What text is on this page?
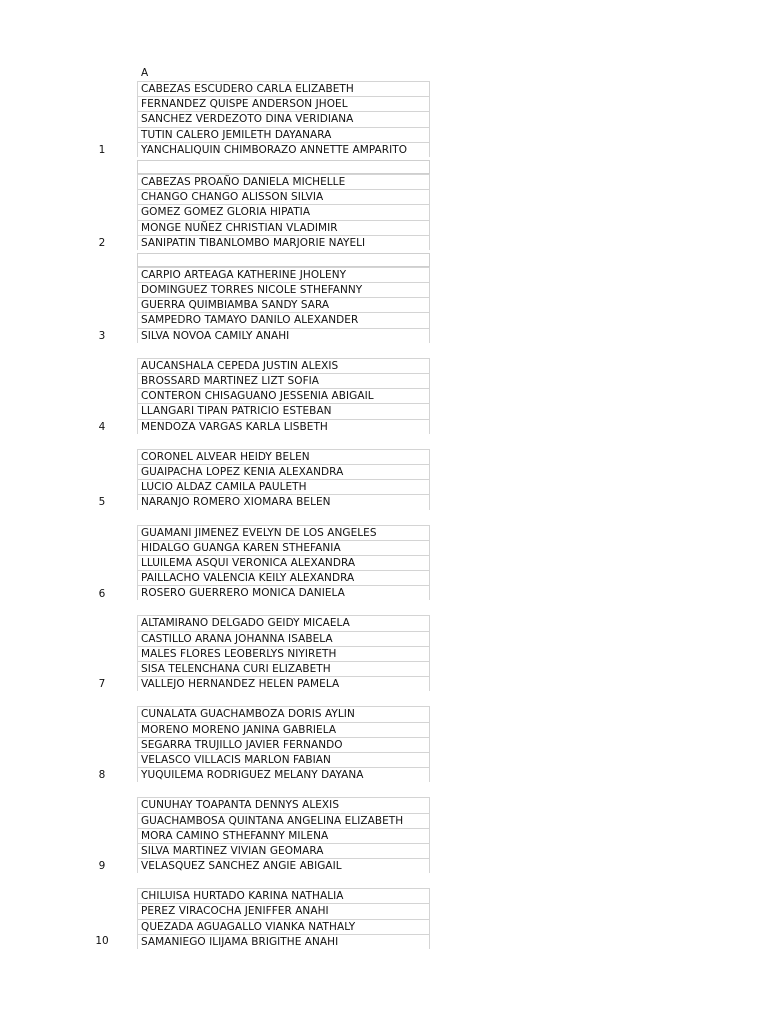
A
CABEZAS ESCUDERO CARLA ELIZABETH
FERNANDEZ QUISPE ANDERSON JHOEL
SANCHEZ VERDEZOTO DINA VERIDIANA
TUTIN CALERO JEMILETH DAYANARA
YANCHALIQUIN CHIMBORAZO ANNETTE AMPARITO
1
CABEZAS PROAÑO DANIELA MICHELLE
CHANGO CHANGO ALISSON SILVIA
GOMEZ GOMEZ GLORIA HIPATIA
MONGE NUÑEZ CHRISTIAN VLADIMIR
SANIPATIN TIBANLOMBO MARJORIE NAYELI
2
CARPIO ARTEAGA KATHERINE JHOLENY
DOMINGUEZ TORRES NICOLE STHEFANNY
GUERRA QUIMBIAMBA SANDY SARA
SAMPEDRO TAMAYO DANILO ALEXANDER
SILVA NOVOA CAMILY ANAHI
3
AUCANSHALA CEPEDA JUSTIN ALEXIS
BROSSARD MARTINEZ LIZT SOFIA
CONTERON CHISAGUANO JESSENIA ABIGAIL
LLANGARI TIPAN PATRICIO ESTEBAN
MENDOZA VARGAS KARLA LISBETH
4
CORONEL ALVEAR HEIDY BELEN
GUAIPACHA LOPEZ KENIA ALEXANDRA
LUCIO ALDAZ CAMILA PAULETH
NARANJO ROMERO XIOMARA BELEN
5
GUAMANI JIMENEZ EVELYN DE LOS ANGELES
HIDALGO GUANGA KAREN STHEFANIA
LLUILEMA ASQUI VERONICA ALEXANDRA
PAILLACHO VALENCIA KEILY ALEXANDRA
ROSERO GUERRERO MONICA DANIELA
6
ALTAMIRANO DELGADO GEIDY MICAELA
CASTILLO ARANA JOHANNA ISABELA
MALES FLORES LEOBERLYS NIYIRETH
SISA TELENCHANA CURI ELIZABETH
VALLEJO HERNANDEZ HELEN PAMELA
7
CUNALATA GUACHAMBOZA DORIS AYLIN
MORENO MORENO JANINA GABRIELA
SEGARRA TRUJILLO JAVIER FERNANDO
VELASCO VILLACIS MARLON FABIAN
YUQUILEMA RODRIGUEZ MELANY DAYANA
8
CUNUHAY TOAPANTA DENNYS ALEXIS
GUACHAMBOSA QUINTANA ANGELINA ELIZABETH
MORA CAMINO STHEFANNY MILENA
SILVA MARTINEZ VIVIAN GEOMARA
VELASQUEZ SANCHEZ ANGIE ABIGAIL
9
CHILUISA HURTADO KARINA NATHALIA
PEREZ VIRACOCHA JENIFFER ANAHI
QUEZADA AGUAGALLO VIANKA NATHALY
SAMANIEGO ILIJAMA BRIGITHE ANAHI
10
